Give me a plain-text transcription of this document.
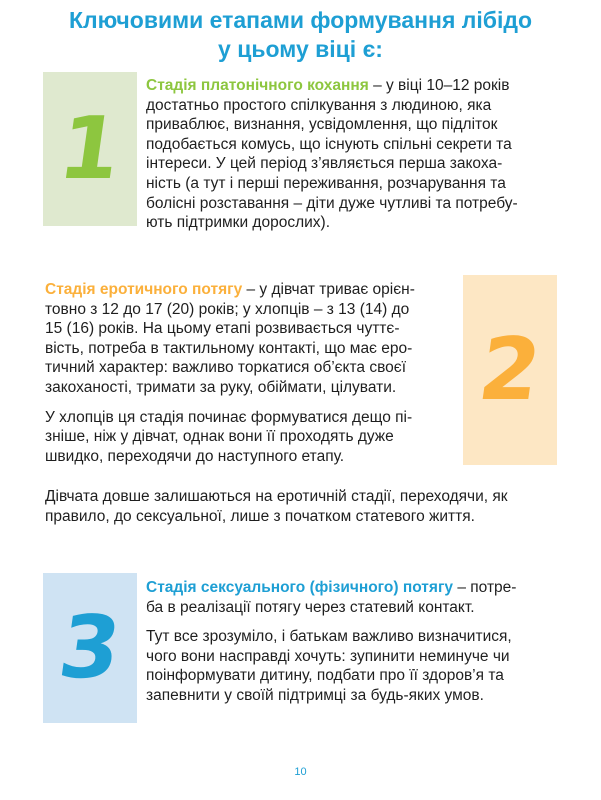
Ключовими етапами формування лібідо
у цьому віці є:
1

Стадія платонічного кохання – у віці 10–12 років
достатньо простого спілкування з людиною, яка
приваблює, визнання, усвідомлення, що підліток
подобається комусь, що існують спільні секрети та
інтереси. У цей період з’являється перша закоха-
ність (а тут і перші переживання, розчарування та
болісні розставання – діти дуже чутливі та потребу-
ють підтримки дорослих).

2

Стадія еротичного потягу – у дівчат триває орієн-
товно з 12 до 17 (20) років; у хлопців – з 13 (14) до
15 (16) років. На цьому етапі розвивається чуттє-
вість, потреба в тактильному контакті, що має еро-
тичний характер: важливо торкатися об’єкта своєї
закоханості, тримати за руку, обіймати, цілувати.

У хлопців ця стадія починає формуватися дещо пі-
зніше, ніж у дівчат, однак вони її проходять дуже
швидко, переходячи до наступного етапу.

Дівчата довше залишаються на еротичній стадії, переходячи, як
правило, до сексуальної, лише з початком статевого життя.

3

Стадія сексуального (фізичного) потягу – потре-
ба в реалізації потягу через статевий контакт.

Тут все зрозуміло, і батькам важливо визначитися,
чого вони насправді хочуть: зупинити неминуче чи
поінформувати дитину, подбати про її здоров’я та
запевнити у своїй підтримці за будь-яких умов.

10
